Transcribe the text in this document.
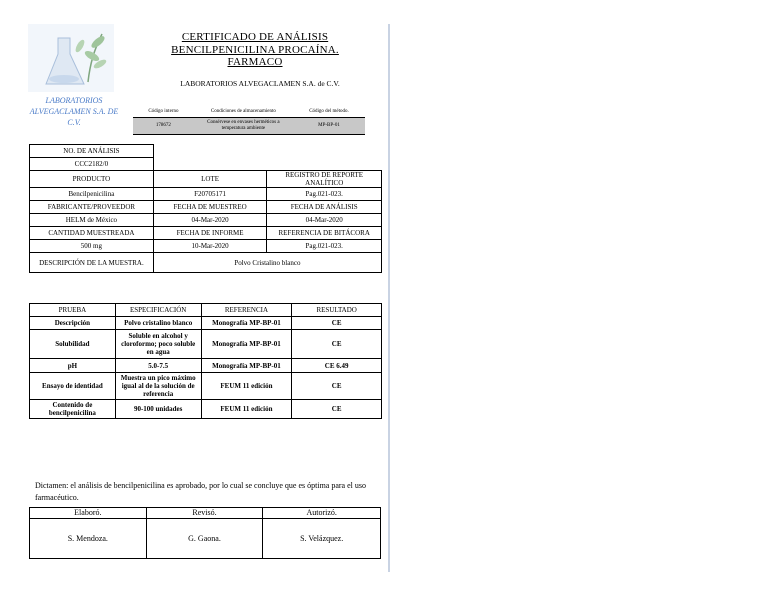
LABORATORIOS ALVEGACLAMEN S.A. DE C.V.
CERTIFICADO DE ANÁLISIS
BENCILPENICILINA PROCAÍNA.
FARMACO
LABORATORIOS ALVEGACLAMEN S.A. de C.V.
Código interno	Condiciones de almacenamiento	Código del método.
178672	Consérvese en envases herméticos a temperatura ambiente	MP-BP-01
NO. DE ANÁLISIS		
CCC2182/0		
PRODUCTO	LOTE	REGISTRO DE REPORTE ANALÍTICO
Bencilpenicilina	F20705171	Pag.021-023.
FABRICANTE/PROVEEDOR	FECHA DE MUESTREO	FECHA DE ANÁLISIS
HELM de México	04-Mar-2020	04-Mar-2020
CANTIDAD MUESTREADA	FECHA DE INFORME	REFERENCIA DE BITÁCORA
500 mg	10-Mar-2020	Pag.021-023.
DESCRIPCIÓN DE LA MUESTRA.	Polvo Cristalino blanco	
PRUEBA	ESPECIFICACIÓN	REFERENCIA	RESULTADO
Descripción	Polvo cristalino blanco	Monografía MP-BP-01	CE
Solubilidad	Soluble en alcohol y cloroformo; poco soluble en agua	Monografía MP-BP-01	CE
pH	5.0-7.5	Monografía MP-BP-01	CE 6.49
Ensayo de identidad	Muestra un pico máximo igual al de la solución de referencia	FEUM 11 edición	CE
Contenido de bencilpenicilina	90-100 unidades	FEUM 11 edición	CE
Dictamen: el análisis de bencilpenicilina es aprobado, por lo cual se concluye que es óptima para el uso farmacéutico.
Elaboró.	Revisó.	Autorizó.
S. Mendoza.	G. Gaona.	S. Velázquez.
